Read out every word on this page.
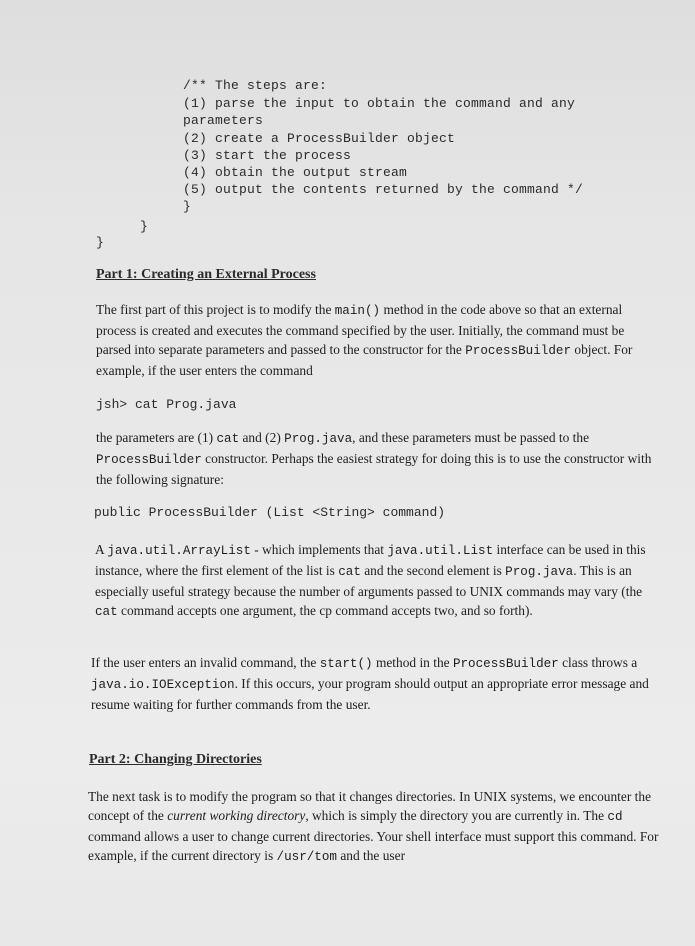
/** The steps are:
(1) parse the input to obtain the command and any
parameters
(2) create a ProcessBuilder object
(3) start the process
(4) obtain the output stream
(5) output the contents returned by the command */
}
}
}
Part 1: Creating an External Process
The first part of this project is to modify the main() method in the code above so that an external process is created and executes the command specified by the user. Initially, the command must be parsed into separate parameters and passed to the constructor for the ProcessBuilder object. For example, if the user enters the command
jsh> cat Prog.java
the parameters are (1) cat and (2) Prog.java, and these parameters must be passed to the ProcessBuilder constructor. Perhaps the easiest strategy for doing this is to use the constructor with the following signature:
public ProcessBuilder (List <String> command)
A java.util.ArrayList - which implements that java.util.List interface can be used in this instance, where the first element of the list is cat and the second element is Prog.java. This is an especially useful strategy because the number of arguments passed to UNIX commands may vary (the cat command accepts one argument, the cp command accepts two, and so forth).
If the user enters an invalid command, the start() method in the ProcessBuilder class throws a java.io.IOException. If this occurs, your program should output an appropriate error message and resume waiting for further commands from the user.
Part 2: Changing Directories
The next task is to modify the program so that it changes directories. In UNIX systems, we encounter the concept of the current working directory, which is simply the directory you are currently in. The cd command allows a user to change current directories. Your shell interface must support this command. For example, if the current directory is /usr/tom and the user
